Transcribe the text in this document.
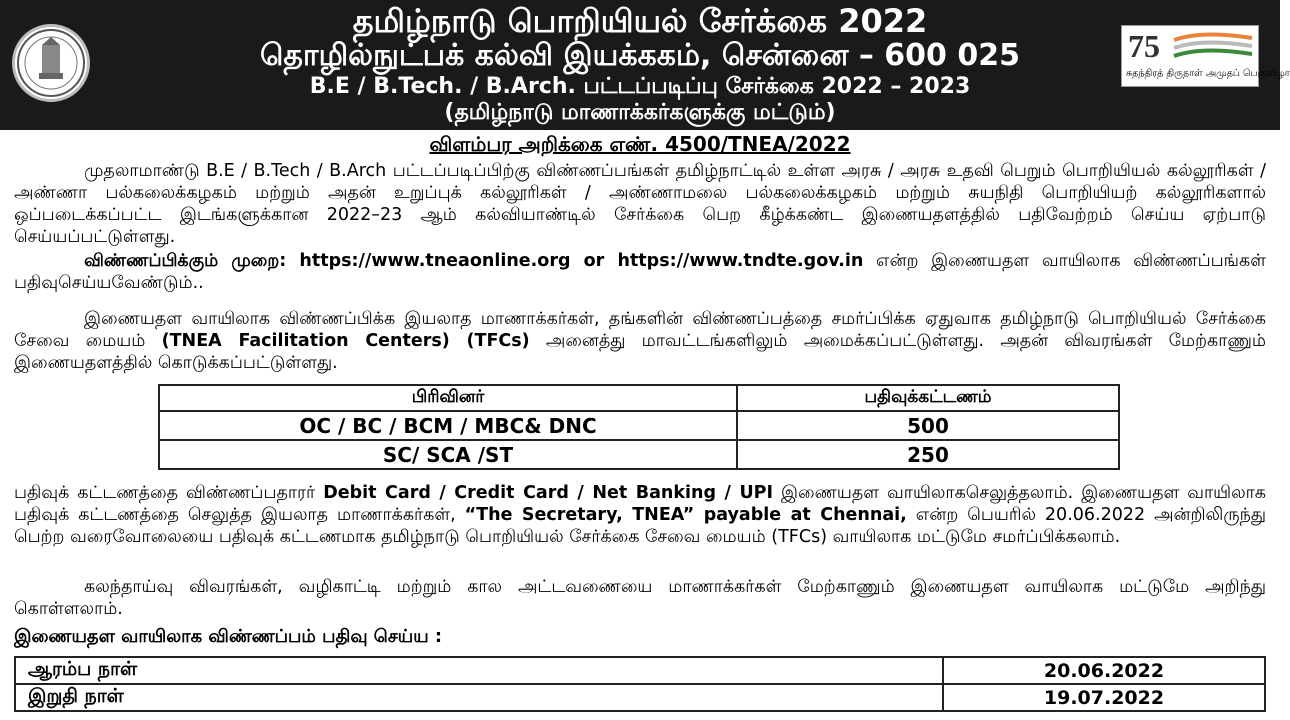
தமிழ்நாடு பொறியியல் சேர்க்கை 2022
தொழில்நுட்பக் கல்வி இயக்ககம், சென்னை – 600 025
B.E / B.Tech. / B.Arch. பட்டப்படிப்பு சேர்க்கை 2022 – 2023
(தமிழ்நாடு மாணாக்கர்களுக்கு மட்டும்)
75
சுதந்திரத் திருநாள் அமுதப் பெருவிழா
விளம்பர அறிக்கை எண். 4500/TNEA/2022
முதலாமாண்டு B.E / B.Tech / B.Arch பட்டப்படிப்பிற்கு விண்ணப்பங்கள் தமிழ்நாட்டில் உள்ள அரசு / அரசு உதவி பெறும் பொறியியல் கல்லூரிகள் / அண்ணா பல்கலைக்கழகம் மற்றும் அதன் உறுப்புக் கல்லூரிகள் / அண்ணாமலை பல்கலைக்கழகம் மற்றும் சுயநிதி பொறியியற் கல்லூரிகளால் ஒப்படைக்கப்பட்ட இடங்களுக்கான 2022–23 ஆம் கல்வியாண்டில் சேர்க்கை பெற கீழ்க்கண்ட இணையதளத்தில் பதிவேற்றம் செய்ய ஏற்பாடு செய்யப்பட்டுள்ளது.
விண்ணப்பிக்கும் முறை: https://www.tneaonline.org or https://www.tndte.gov.in என்ற இணையதள வாயிலாக விண்ணப்பங்கள் பதிவுசெய்யவேண்டும்..
இணையதள வாயிலாக விண்ணப்பிக்க இயலாத மாணாக்கர்கள், தங்களின் விண்ணப்பத்தை சமர்ப்பிக்க ஏதுவாக தமிழ்நாடு பொறியியல் சேர்க்கை சேவை மையம் (TNEA Facilitation Centers) (TFCs) அனைத்து மாவட்டங்களிலும் அமைக்கப்பட்டுள்ளது. அதன் விவரங்கள் மேற்காணும் இணையதளத்தில் கொடுக்கப்பட்டுள்ளது.
பிரிவினர்	பதிவுக்கட்டணம்
OC / BC / BCM / MBC& DNC	500
SC/ SCA /ST	250
பதிவுக் கட்டணத்தை விண்ணப்பதாரர் Debit Card / Credit Card / Net Banking / UPI இணையதள வாயிலாகசெலுத்தலாம். இணையதள வாயிலாக பதிவுக் கட்டணத்தை செலுத்த இயலாத மாணாக்கர்கள், “The Secretary, TNEA” payable at Chennai, என்ற பெயரில் 20.06.2022 அன்றிலிருந்து பெற்ற வரைவோலையை பதிவுக் கட்டணமாக தமிழ்நாடு பொறியியல் சேர்க்கை சேவை மையம் (TFCs) வாயிலாக மட்டுமே சமர்ப்பிக்கலாம்.
கலந்தாய்வு விவரங்கள், வழிகாட்டி மற்றும் கால அட்டவணையை மாணாக்கர்கள் மேற்காணும் இணையதள வாயிலாக மட்டுமே அறிந்து கொள்ளலாம்.
இணையதள வாயிலாக விண்ணப்பம் பதிவு செய்ய :
ஆரம்ப நாள்	20.06.2022
இறுதி நாள்	19.07.2022
